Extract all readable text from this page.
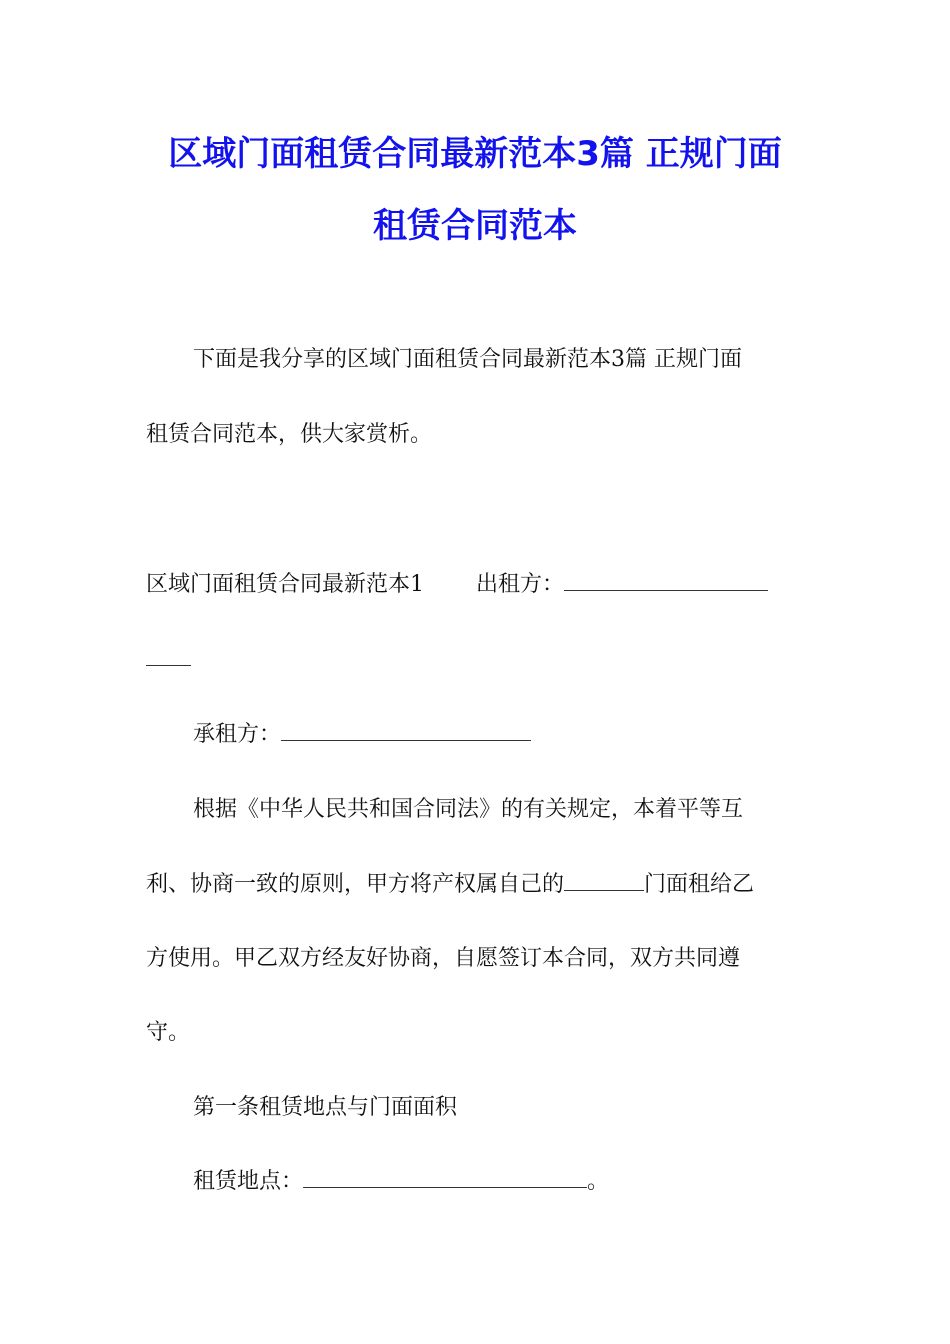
区域门面租赁合同最新范本3篇 正规门面
租赁合同范本
下面是我分享的区域门面租赁合同最新范本3篇 正规门面
租赁合同范本，供大家赏析。
区域门面租赁合同最新范本1 出租方：
承租方：
根据《中华人民共和国合同法》的有关规定，本着平等互
利、协商一致的原则，甲方将产权属自己的	门面租给乙
方使用。甲乙双方经友好协商，自愿签订本合同，双方共同遵
守。
第一条租赁地点与门面面积
租赁地点：	。
